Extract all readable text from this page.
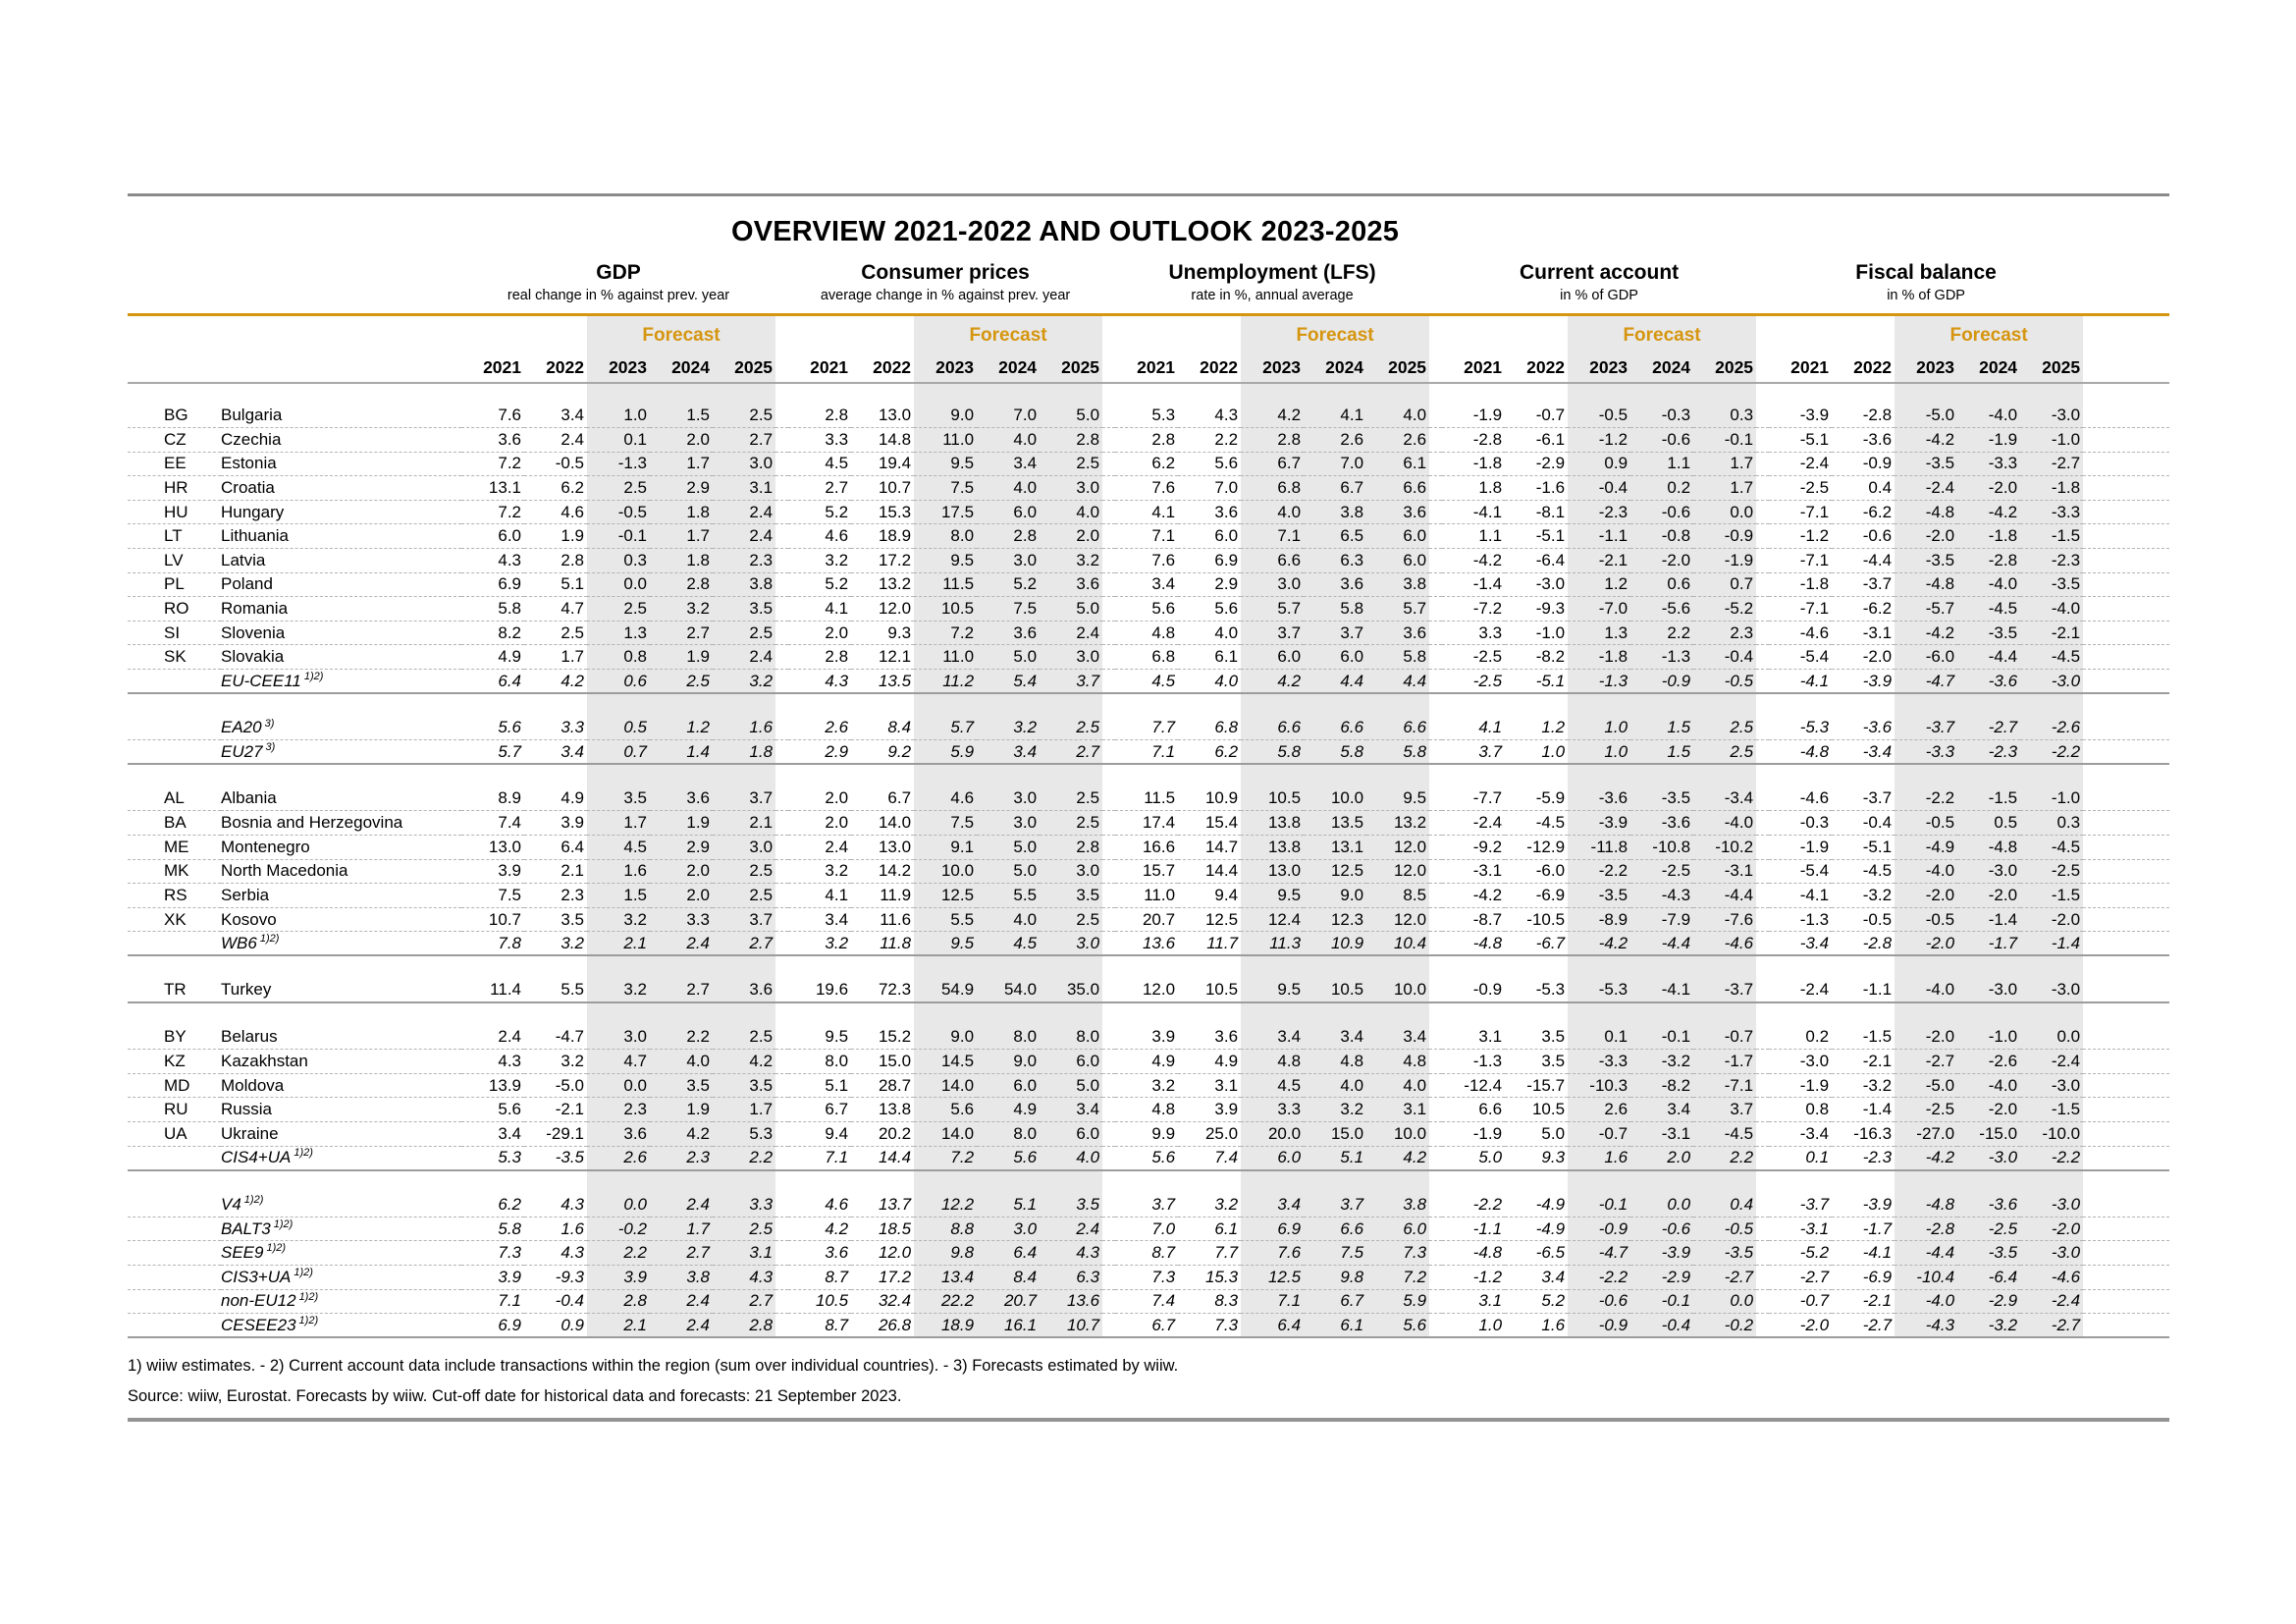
OVERVIEW 2021-2022 AND OUTLOOK 2023-2025
		GDP						Consumer prices						Unemployment (LFS)						Current account						Fiscal balance					
		real change in % against prev. year						average change in % against prev. year						rate in %, annual average						in % of GDP						in % of GDP					
				Forecast						Forecast						Forecast						Forecast						Forecast			
		2021	2022	2023	2024	2025		2021	2022	2023	2024	2025		2021	2022	2023	2024	2025		2021	2022	2023	2024	2025		2021	2022	2023	2024	2025	

BG	Bulgaria	7.6	3.4	1.0	1.5	2.5		2.8	13.0	9.0	7.0	5.0		5.3	4.3	4.2	4.1	4.0		-1.9	-0.7	-0.5	-0.3	0.3		-3.9	-2.8	-5.0	-4.0	-3.0	
CZ	Czechia	3.6	2.4	0.1	2.0	2.7		3.3	14.8	11.0	4.0	2.8		2.8	2.2	2.8	2.6	2.6		-2.8	-6.1	-1.2	-0.6	-0.1		-5.1	-3.6	-4.2	-1.9	-1.0	
EE	Estonia	7.2	-0.5	-1.3	1.7	3.0		4.5	19.4	9.5	3.4	2.5		6.2	5.6	6.7	7.0	6.1		-1.8	-2.9	0.9	1.1	1.7		-2.4	-0.9	-3.5	-3.3	-2.7	
HR	Croatia	13.1	6.2	2.5	2.9	3.1		2.7	10.7	7.5	4.0	3.0		7.6	7.0	6.8	6.7	6.6		1.8	-1.6	-0.4	0.2	1.7		-2.5	0.4	-2.4	-2.0	-1.8	
HU	Hungary	7.2	4.6	-0.5	1.8	2.4		5.2	15.3	17.5	6.0	4.0		4.1	3.6	4.0	3.8	3.6		-4.1	-8.1	-2.3	-0.6	0.0		-7.1	-6.2	-4.8	-4.2	-3.3	
LT	Lithuania	6.0	1.9	-0.1	1.7	2.4		4.6	18.9	8.0	2.8	2.0		7.1	6.0	7.1	6.5	6.0		1.1	-5.1	-1.1	-0.8	-0.9		-1.2	-0.6	-2.0	-1.8	-1.5	
LV	Latvia	4.3	2.8	0.3	1.8	2.3		3.2	17.2	9.5	3.0	3.2		7.6	6.9	6.6	6.3	6.0		-4.2	-6.4	-2.1	-2.0	-1.9		-7.1	-4.4	-3.5	-2.8	-2.3	
PL	Poland	6.9	5.1	0.0	2.8	3.8		5.2	13.2	11.5	5.2	3.6		3.4	2.9	3.0	3.6	3.8		-1.4	-3.0	1.2	0.6	0.7		-1.8	-3.7	-4.8	-4.0	-3.5	
RO	Romania	5.8	4.7	2.5	3.2	3.5		4.1	12.0	10.5	7.5	5.0		5.6	5.6	5.7	5.8	5.7		-7.2	-9.3	-7.0	-5.6	-5.2		-7.1	-6.2	-5.7	-4.5	-4.0	
SI	Slovenia	8.2	2.5	1.3	2.7	2.5		2.0	9.3	7.2	3.6	2.4		4.8	4.0	3.7	3.7	3.6		3.3	-1.0	1.3	2.2	2.3		-4.6	-3.1	-4.2	-3.5	-2.1	
SK	Slovakia	4.9	1.7	0.8	1.9	2.4		2.8	12.1	11.0	5.0	3.0		6.8	6.1	6.0	6.0	5.8		-2.5	-8.2	-1.8	-1.3	-0.4		-5.4	-2.0	-6.0	-4.4	-4.5	
	EU-CEE11 $^{1)2)}$	6.4	4.2	0.6	2.5	3.2		4.3	13.5	11.2	5.4	3.7		4.5	4.0	4.2	4.4	4.4		-2.5	-5.1	-1.3	-0.9	-0.5		-4.1	-3.9	-4.7	-3.6	-3.0	

	EA20 $^{3)}$	5.6	3.3	0.5	1.2	1.6		2.6	8.4	5.7	3.2	2.5		7.7	6.8	6.6	6.6	6.6		4.1	1.2	1.0	1.5	2.5		-5.3	-3.6	-3.7	-2.7	-2.6	
	EU27 $^{3)}$	5.7	3.4	0.7	1.4	1.8		2.9	9.2	5.9	3.4	2.7		7.1	6.2	5.8	5.8	5.8		3.7	1.0	1.0	1.5	2.5		-4.8	-3.4	-3.3	-2.3	-2.2	

AL	Albania	8.9	4.9	3.5	3.6	3.7		2.0	6.7	4.6	3.0	2.5		11.5	10.9	10.5	10.0	9.5		-7.7	-5.9	-3.6	-3.5	-3.4		-4.6	-3.7	-2.2	-1.5	-1.0	
BA	Bosnia and Herzegovina	7.4	3.9	1.7	1.9	2.1		2.0	14.0	7.5	3.0	2.5		17.4	15.4	13.8	13.5	13.2		-2.4	-4.5	-3.9	-3.6	-4.0		-0.3	-0.4	-0.5	0.5	0.3	
ME	Montenegro	13.0	6.4	4.5	2.9	3.0		2.4	13.0	9.1	5.0	2.8		16.6	14.7	13.8	13.1	12.0		-9.2	-12.9	-11.8	-10.8	-10.2		-1.9	-5.1	-4.9	-4.8	-4.5	
MK	North Macedonia	3.9	2.1	1.6	2.0	2.5		3.2	14.2	10.0	5.0	3.0		15.7	14.4	13.0	12.5	12.0		-3.1	-6.0	-2.2	-2.5	-3.1		-5.4	-4.5	-4.0	-3.0	-2.5	
RS	Serbia	7.5	2.3	1.5	2.0	2.5		4.1	11.9	12.5	5.5	3.5		11.0	9.4	9.5	9.0	8.5		-4.2	-6.9	-3.5	-4.3	-4.4		-4.1	-3.2	-2.0	-2.0	-1.5	
XK	Kosovo	10.7	3.5	3.2	3.3	3.7		3.4	11.6	5.5	4.0	2.5		20.7	12.5	12.4	12.3	12.0		-8.7	-10.5	-8.9	-7.9	-7.6		-1.3	-0.5	-0.5	-1.4	-2.0	
	WB6 $^{1)2)}$	7.8	3.2	2.1	2.4	2.7		3.2	11.8	9.5	4.5	3.0		13.6	11.7	11.3	10.9	10.4		-4.8	-6.7	-4.2	-4.4	-4.6		-3.4	-2.8	-2.0	-1.7	-1.4	

TR	Turkey	11.4	5.5	3.2	2.7	3.6		19.6	72.3	54.9	54.0	35.0		12.0	10.5	9.5	10.5	10.0		-0.9	-5.3	-5.3	-4.1	-3.7		-2.4	-1.1	-4.0	-3.0	-3.0	

BY	Belarus	2.4	-4.7	3.0	2.2	2.5		9.5	15.2	9.0	8.0	8.0		3.9	3.6	3.4	3.4	3.4		3.1	3.5	0.1	-0.1	-0.7		0.2	-1.5	-2.0	-1.0	0.0	
KZ	Kazakhstan	4.3	3.2	4.7	4.0	4.2		8.0	15.0	14.5	9.0	6.0		4.9	4.9	4.8	4.8	4.8		-1.3	3.5	-3.3	-3.2	-1.7		-3.0	-2.1	-2.7	-2.6	-2.4	
MD	Moldova	13.9	-5.0	0.0	3.5	3.5		5.1	28.7	14.0	6.0	5.0		3.2	3.1	4.5	4.0	4.0		-12.4	-15.7	-10.3	-8.2	-7.1		-1.9	-3.2	-5.0	-4.0	-3.0	
RU	Russia	5.6	-2.1	2.3	1.9	1.7		6.7	13.8	5.6	4.9	3.4		4.8	3.9	3.3	3.2	3.1		6.6	10.5	2.6	3.4	3.7		0.8	-1.4	-2.5	-2.0	-1.5	
UA	Ukraine	3.4	-29.1	3.6	4.2	5.3		9.4	20.2	14.0	8.0	6.0		9.9	25.0	20.0	15.0	10.0		-1.9	5.0	-0.7	-3.1	-4.5		-3.4	-16.3	-27.0	-15.0	-10.0	
	CIS4+UA $^{1)2)}$	5.3	-3.5	2.6	2.3	2.2		7.1	14.4	7.2	5.6	4.0		5.6	7.4	6.0	5.1	4.2		5.0	9.3	1.6	2.0	2.2		0.1	-2.3	-4.2	-3.0	-2.2	

	V4 $^{1)2)}$	6.2	4.3	0.0	2.4	3.3		4.6	13.7	12.2	5.1	3.5		3.7	3.2	3.4	3.7	3.8		-2.2	-4.9	-0.1	0.0	0.4		-3.7	-3.9	-4.8	-3.6	-3.0	
	BALT3 $^{1)2)}$	5.8	1.6	-0.2	1.7	2.5		4.2	18.5	8.8	3.0	2.4		7.0	6.1	6.9	6.6	6.0		-1.1	-4.9	-0.9	-0.6	-0.5		-3.1	-1.7	-2.8	-2.5	-2.0	
	SEE9 $^{1)2)}$	7.3	4.3	2.2	2.7	3.1		3.6	12.0	9.8	6.4	4.3		8.7	7.7	7.6	7.5	7.3		-4.8	-6.5	-4.7	-3.9	-3.5		-5.2	-4.1	-4.4	-3.5	-3.0	
	CIS3+UA $^{1)2)}$	3.9	-9.3	3.9	3.8	4.3		8.7	17.2	13.4	8.4	6.3		7.3	15.3	12.5	9.8	7.2		-1.2	3.4	-2.2	-2.9	-2.7		-2.7	-6.9	-10.4	-6.4	-4.6	
	non-EU12 $^{1)2)}$	7.1	-0.4	2.8	2.4	2.7		10.5	32.4	22.2	20.7	13.6		7.4	8.3	7.1	6.7	5.9		3.1	5.2	-0.6	-0.1	0.0		-0.7	-2.1	-4.0	-2.9	-2.4	
	CESEE23 $^{1)2)}$	6.9	0.9	2.1	2.4	2.8		8.7	26.8	18.9	16.1	10.7		6.7	7.3	6.4	6.1	5.6		1.0	1.6	-0.9	-0.4	-0.2		-2.0	-2.7	-4.3	-3.2	-2.7	
1) wiiw estimates. - 2) Current account data include transactions within the region (sum over individual countries). - 3) Forecasts estimated by wiiw.
Source: wiiw, Eurostat. Forecasts by wiiw. Cut-off date for historical data and forecasts: 21 September 2023.
